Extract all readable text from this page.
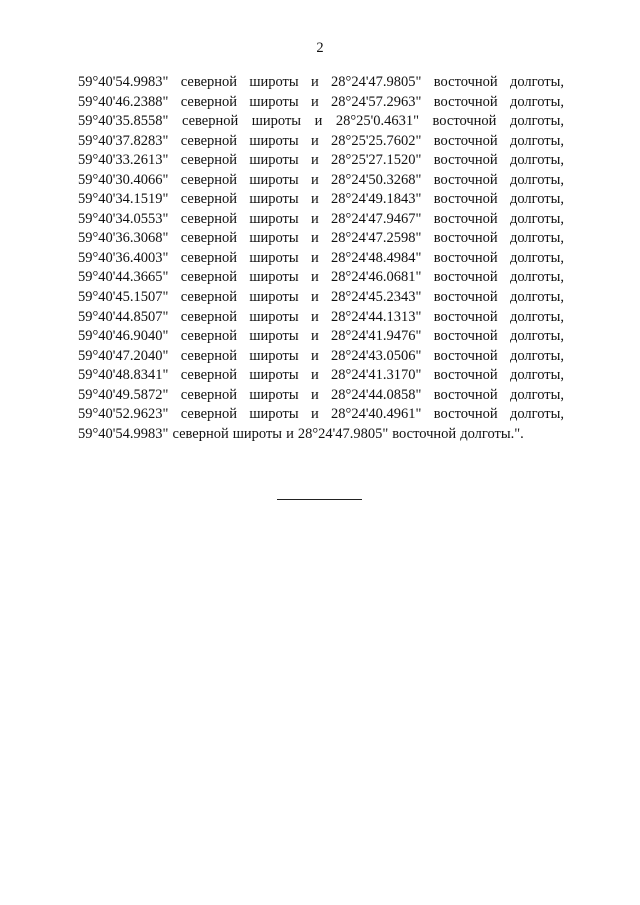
2
59°40'54.9983" северной широты и 28°24'47.9805" восточной долготы,
59°40'46.2388" северной широты и 28°24'57.2963" восточной долготы,
59°40'35.8558" северной широты и 28°25'0.4631" восточной долготы,
59°40'37.8283" северной широты и 28°25'25.7602" восточной долготы,
59°40'33.2613" северной широты и 28°25'27.1520" восточной долготы,
59°40'30.4066" северной широты и 28°24'50.3268" восточной долготы,
59°40'34.1519" северной широты и 28°24'49.1843" восточной долготы,
59°40'34.0553" северной широты и 28°24'47.9467" восточной долготы,
59°40'36.3068" северной широты и 28°24'47.2598" восточной долготы,
59°40'36.4003" северной широты и 28°24'48.4984" восточной долготы,
59°40'44.3665" северной широты и 28°24'46.0681" восточной долготы,
59°40'45.1507" северной широты и 28°24'45.2343" восточной долготы,
59°40'44.8507" северной широты и 28°24'44.1313" восточной долготы,
59°40'46.9040" северной широты и 28°24'41.9476" восточной долготы,
59°40'47.2040" северной широты и 28°24'43.0506" восточной долготы,
59°40'48.8341" северной широты и 28°24'41.3170" восточной долготы,
59°40'49.5872" северной широты и 28°24'44.0858" восточной долготы,
59°40'52.9623" северной широты и 28°24'40.4961" восточной долготы,
59°40'54.9983" северной широты и 28°24'47.9805" восточной долготы.".
